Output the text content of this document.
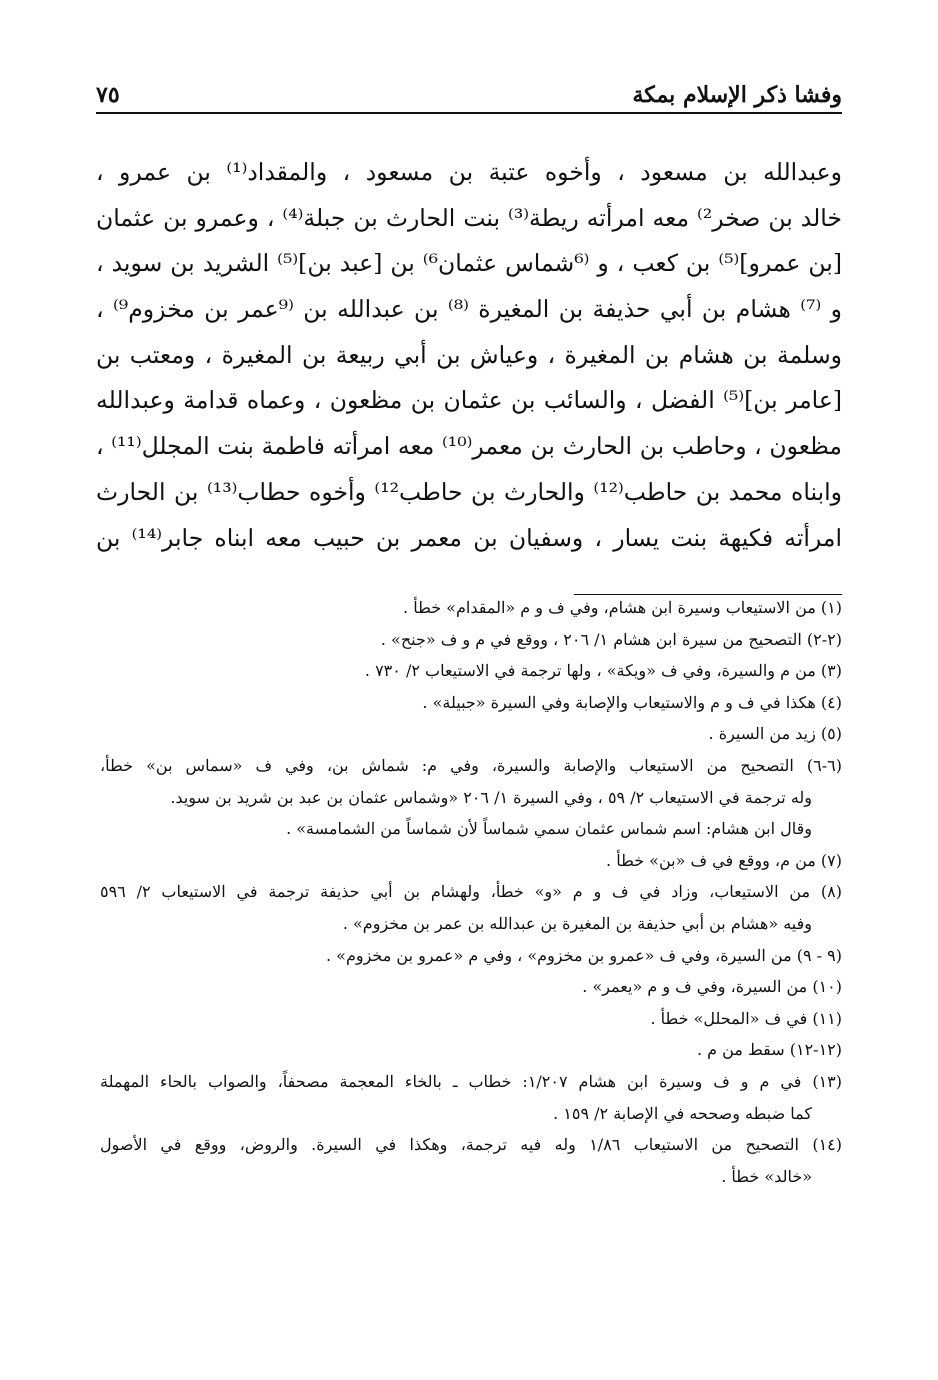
وفشا ذكر الإسلام بمكة
٧٥
وعبدالله بن مسعود ، وأخوه عتبة بن مسعود ، والمقداد⁽¹⁾ بن عمرو ،
خالد بن صخر²⁾ معه امرأته ريطة⁽³⁾ بنت الحارث بن جبلة⁽⁴⁾ ، وعمرو بن عثمان
[بن عمرو]⁽⁵⁾ بن كعب ، و ⁽⁶شماس عثمان⁶⁾ بن [عبد بن]⁽⁵⁾ الشريد بن سويد ،
و ⁽⁷⁾ هشام بن أبي حذيفة بن المغيرة ⁽⁸⁾ بن عبدالله بن ⁽⁹عمر بن مخزوم⁹⁾ ،
وسلمة بن هشام بن المغيرة ، وعياش بن أبي ربيعة بن المغيرة ، ومعتب بن
[عامر بن]⁽⁵⁾ الفضل ، والسائب بن عثمان بن مظعون ، وعماه قدامة وعبدالله
مظعون ، وحاطب بن الحارث بن معمر⁽¹⁰⁾ معه امرأته فاطمة بنت المجلل⁽¹¹⁾ ،
وابناه محمد بن حاطب⁽¹²⁾ والحارث بن حاطب¹²⁾ وأخوه حطاب⁽¹³⁾ بن الحارث
امرأته فكيهة بنت يسار ، وسفيان بن معمر بن حبيب معه ابناه جابر⁽¹⁴⁾ بن
(١) من الاستيعاب وسيرة ابن هشام، وفي ف و م «المقدام» خطأ .
(٢-٢) التصحيح من سيرة ابن هشام ١/ ٢٠٦ ، ووقع في م و ف «جنح» .
(٣) من م والسيرة، وفي ف «ويكة» ، ولها ترجمة في الاستيعاب ٢/ ٧٣٠ .
(٤) هكذا في ف و م والاستيعاب والإصابة وفي السيرة «جبيلة» .
(٥) زيد من السيرة .
(٦-٦) التصحيح من الاستيعاب والإصابة والسيرة، وفي م: شماش بن، وفي ف «سماس بن» خطأ،
وله ترجمة في الاستيعاب ٢/ ٥٩ ، وفي السيرة ١/ ٢٠٦ «وشماس عثمان بن عبد بن شريد بن سويد.
وقال ابن هشام: اسم شماس عثمان سمي شماساً لأن شماساً من الشمامسة» .
(٧) من م، ووقع في ف «بن» خطأ .
(٨) من الاستيعاب، وزاد في ف و م «و» خطأ، ولهشام بن أبي حذيفة ترجمة في الاستيعاب ٢/ ٥٩٦
وفيه «هشام بن أبي حذيفة بن المغيرة بن عبدالله بن عمر بن مخزوم» .
(٩ - ٩) من السيرة، وفي ف «عمرو بن مخزوم» ، وفي م «عمرو بن مخزوم» .
(١٠) من السيرة، وفي ف و م «يعمر» .
(١١) في ف «المحلل» خطأ .
(١٢-١٢) سقط من م .
(١٣) في م و ف وسيرة ابن هشام ١/٢٠٧: خطاب ـ بالخاء المعجمة مصحفاً، والصواب بالحاء المهملة
كما ضبطه وصححه في الإصابة ٢/ ١٥٩ .
(١٤) التصحيح من الاستيعاب ١/٨٦ وله فيه ترجمة، وهكذا في السيرة. والروض، ووقع في الأصول
«خالد» خطأ .
